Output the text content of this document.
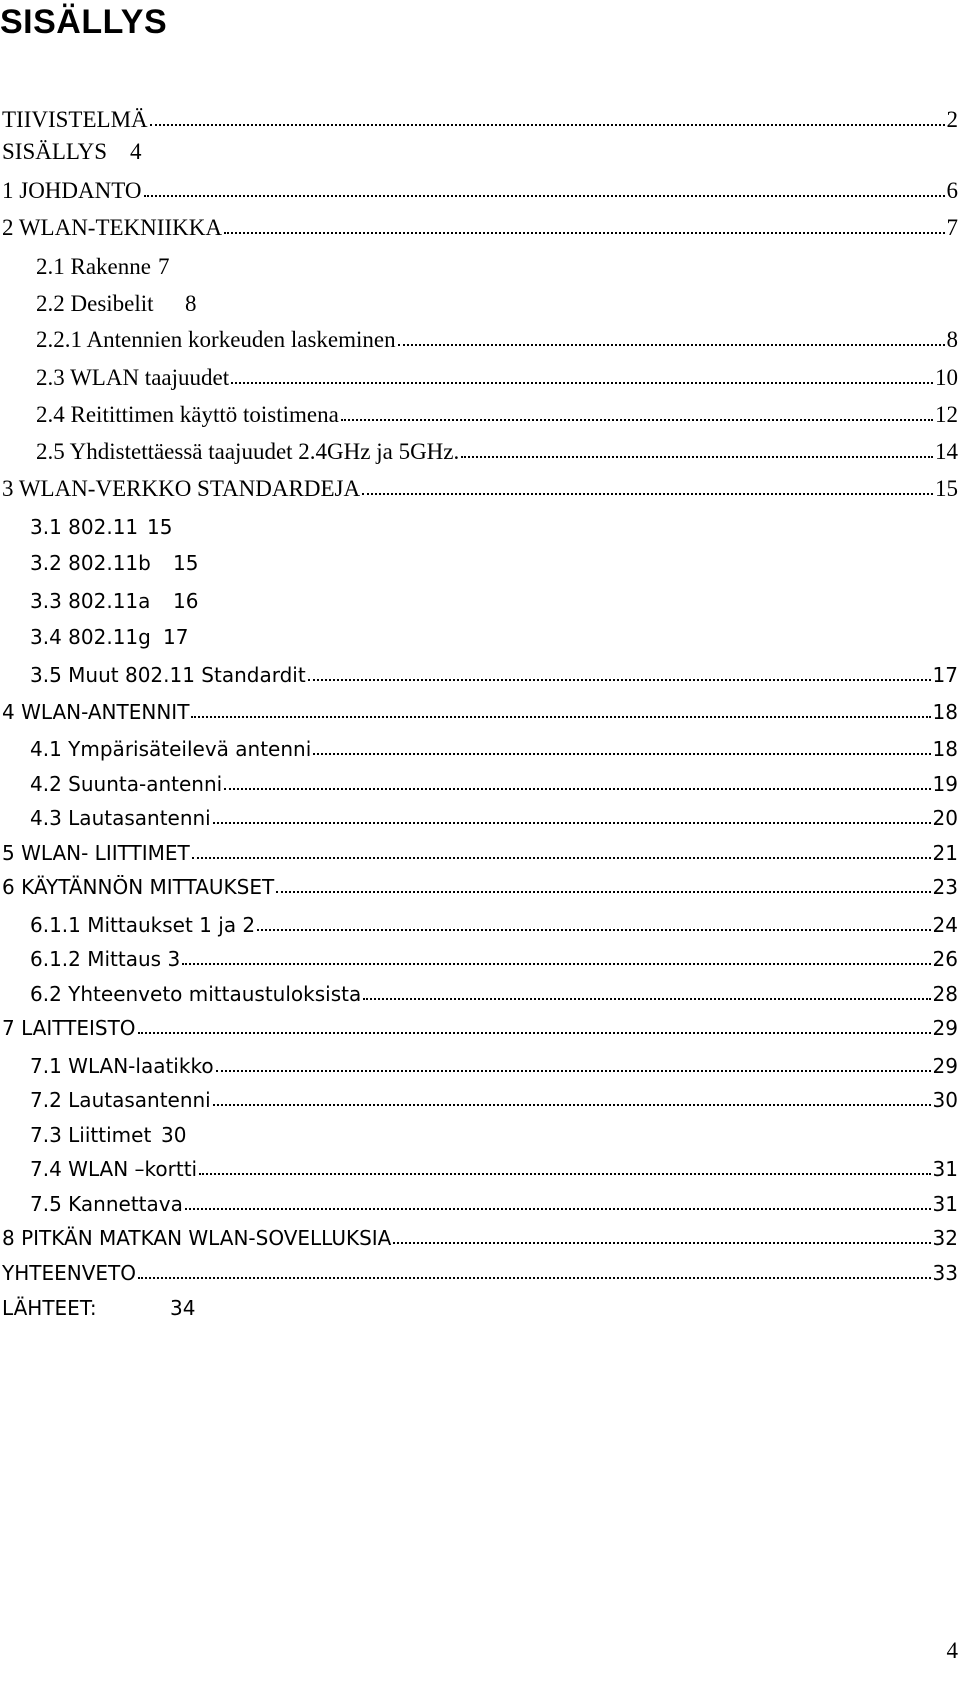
SISÄLLYS
TIIVISTELMÄ	2
SISÄLLYS 4
1 JOHDANTO	6
2 WLAN-TEKNIIKKA	7
2.1 Rakenne 7
2.2 Desibelit 8
2.2.1 Antennien korkeuden laskeminen	8
2.3 WLAN taajuudet	10
2.4 Reitittimen käyttö toistimena	12
2.5 Yhdistettäessä taajuudet 2.4GHz ja 5GHz.	14
3 WLAN-VERKKO STANDARDEJA	15
3.1 802.11 15
3.2 802.11b 15
3.3 802.11a 16
3.4 802.11g 17
3.5 Muut 802.11 Standardit	17
4 WLAN-ANTENNIT	18
4.1 Ympärisäteilevä antenni	18
4.2 Suunta-antenni	19
4.3 Lautasantenni	20
5 WLAN- LIITTIMET	21
6 KÄYTÄNNÖN MITTAUKSET	23
6.1.1 Mittaukset 1 ja 2	24
6.1.2 Mittaus 3	26
6.2 Yhteenveto mittaustuloksista	28
7 LAITTEISTO	29
7.1 WLAN-laatikko	29
7.2 Lautasantenni	30
7.3 Liittimet 30
7.4 WLAN –kortti	31
7.5 Kannettava	31
8 PITKÄN MATKAN WLAN-SOVELLUKSIA	32
YHTEENVETO	33
LÄHTEET:	34
4
